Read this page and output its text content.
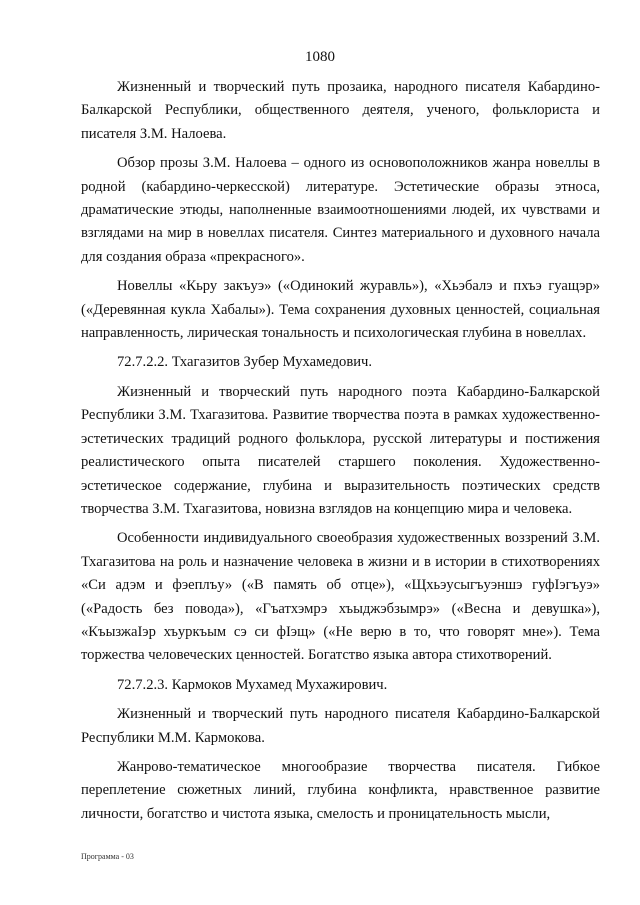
1080

Жизненный и творческий путь прозаика, народного писателя Кабардино-Балкарской Республики, общественного деятеля, ученого, фольклориста и писателя З.М. Налоева.

Обзор прозы З.М. Налоева – одного из основоположников жанра новеллы в родной (кабардино-черкесской) литературе. Эстетические образы этноса, драматические этюды, наполненные взаимоотношениями людей, их чувствами и взглядами на мир в новеллах писателя. Синтез материального и духовного начала для создания образа «прекрасного».

Новеллы «Кьру закъуэ» («Одинокий журавль»), «Хьэбалэ и пхъэ гуащэр» («Деревянная кукла Хабалы»). Тема сохранения духовных ценностей, социальная направленность, лирическая тональность и психологическая глубина в новеллах.

72.7.2.2. Тхагазитов Зубер Мухамедович.

Жизненный и творческий путь народного поэта Кабардино-Балкарской Республики З.М. Тхагазитова. Развитие творчества поэта в рамках художественно-эстетических традиций родного фольклора, русской литературы и постижения реалистического опыта писателей старшего поколения. Художественно-эстетическое содержание, глубина и выразительность поэтических средств творчества З.М. Тхагазитова, новизна взглядов на концепцию мира и человека.

Особенности индивидуального своеобразия художественных воззрений З.М. Тхагазитова на роль и назначение человека в жизни и в истории в стихотворениях «Си адэм и фэеплъу» («В память об отце»), «Щхьэусыгъуэншэ гуфІэгъуэ» («Радость без повода»), «Гъатхэмрэ хъыджэбзымрэ» («Весна и девушка»), «КъызжаІэр хъуркъым сэ си фІэщ» («Не верю в то, что говорят мне»). Тема торжества человеческих ценностей. Богатство языка автора стихотворений.

72.7.2.3. Кармоков Мухамед Мухажирович.

Жизненный и творческий путь народного писателя Кабардино-Балкарской Республики М.М. Кармокова.

Жанрово-тематическое многообразие творчества писателя. Гибкое переплетение сюжетных линий, глубина конфликта, нравственное развитие личности, богатство и чистота языка, смелость и проницательность мысли,

Программа - 03
